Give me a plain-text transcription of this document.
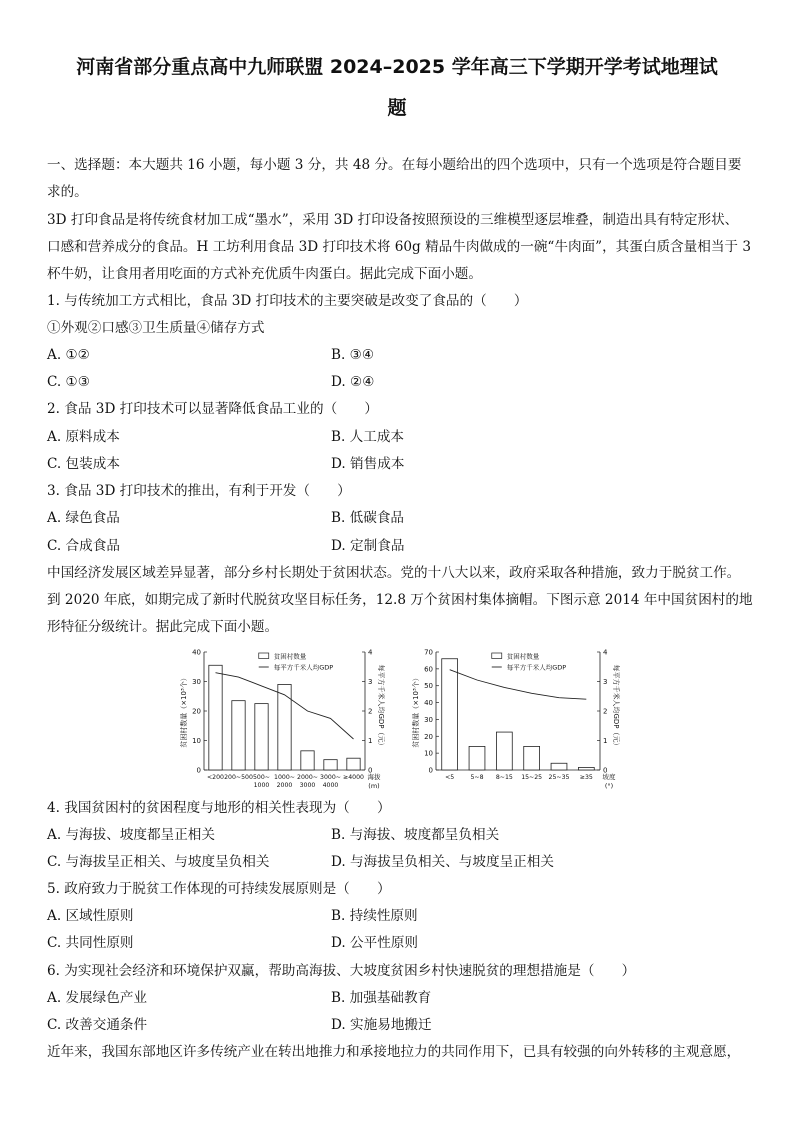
河南省部分重点高中九师联盟 2024–2025 学年高三下学期开学考试地理试
题
一、选择题：本大题共 16 小题，每小题 3 分，共 48 分。在每小题给出的四个选项中，只有一个选项是符合题目要
求的。
3D 打印食品是将传统食材加工成“墨水”，采用 3D 打印设备按照预设的三维模型逐层堆叠，制造出具有特定形状、
口感和营养成分的食品。H 工坊利用食品 3D 打印技术将 60g 精品牛肉做成的一碗“牛肉面”，其蛋白质含量相当于 3
杯牛奶，让食用者用吃面的方式补充优质牛肉蛋白。据此完成下面小题。
1. 与传统加工方式相比，食品 3D 打印技术的主要突破是改变了食品的（　　）
①外观②口感③卫生质量④储存方式
A. ①②	B. ③④
C. ①③	D. ②④
2. 食品 3D 打印技术可以显著降低食品工业的（　　）
A. 原料成本	B. 人工成本
C. 包装成本	D. 销售成本
3. 食品 3D 打印技术的推出，有利于开发（　　）
A. 绿色食品	B. 低碳食品
C. 合成食品	D. 定制食品
中国经济发展区域差异显著，部分乡村长期处于贫困状态。党的十八大以来，政府采取各种措施，致力于脱贫工作。
到 2020 年底，如期完成了新时代脱贫攻坚目标任务，12.8 万个贫困村集体摘帽。下图示意 2014 年中国贫困村的地
形特征分级统计。据此完成下面小题。
0
10
20
30
40
0
1
2
3
4
<200 200~500 500~
1000
1000~
2000
2000~
3000
3000~
4000
≥4000 海拔
(m)
贫困村数量（×10³个）	每平方千米人均GDP（元）
贫困村数量
每平方千米人均GDP
0
10
20
30
40
50
60
70
0
1
2
3
4
<5	5~8 8~15 15~25 25~35 ≥35 坡度
(°)
贫困村数量（×10³个）	每平方千米人均GDP（元）
贫困村数量
每平方千米人均GDP
4. 我国贫困村的贫困程度与地形的相关性表现为（　　）
A. 与海拔、坡度都呈正相关	B. 与海拔、坡度都呈负相关
C. 与海拔呈正相关、与坡度呈负相关	D. 与海拔呈负相关、与坡度呈正相关
5. 政府致力于脱贫工作体现的可持续发展原则是（　　）
A. 区域性原则	B. 持续性原则
C. 共同性原则	D. 公平性原则
6. 为实现社会经济和环境保护双赢，帮助高海拔、大坡度贫困乡村快速脱贫的理想措施是（　　）
A. 发展绿色产业	B. 加强基础教育
C. 改善交通条件	D. 实施易地搬迁
近年来，我国东部地区许多传统产业在转出地推力和承接地拉力的共同作用下，已具有较强的向外转移的主观意愿，
